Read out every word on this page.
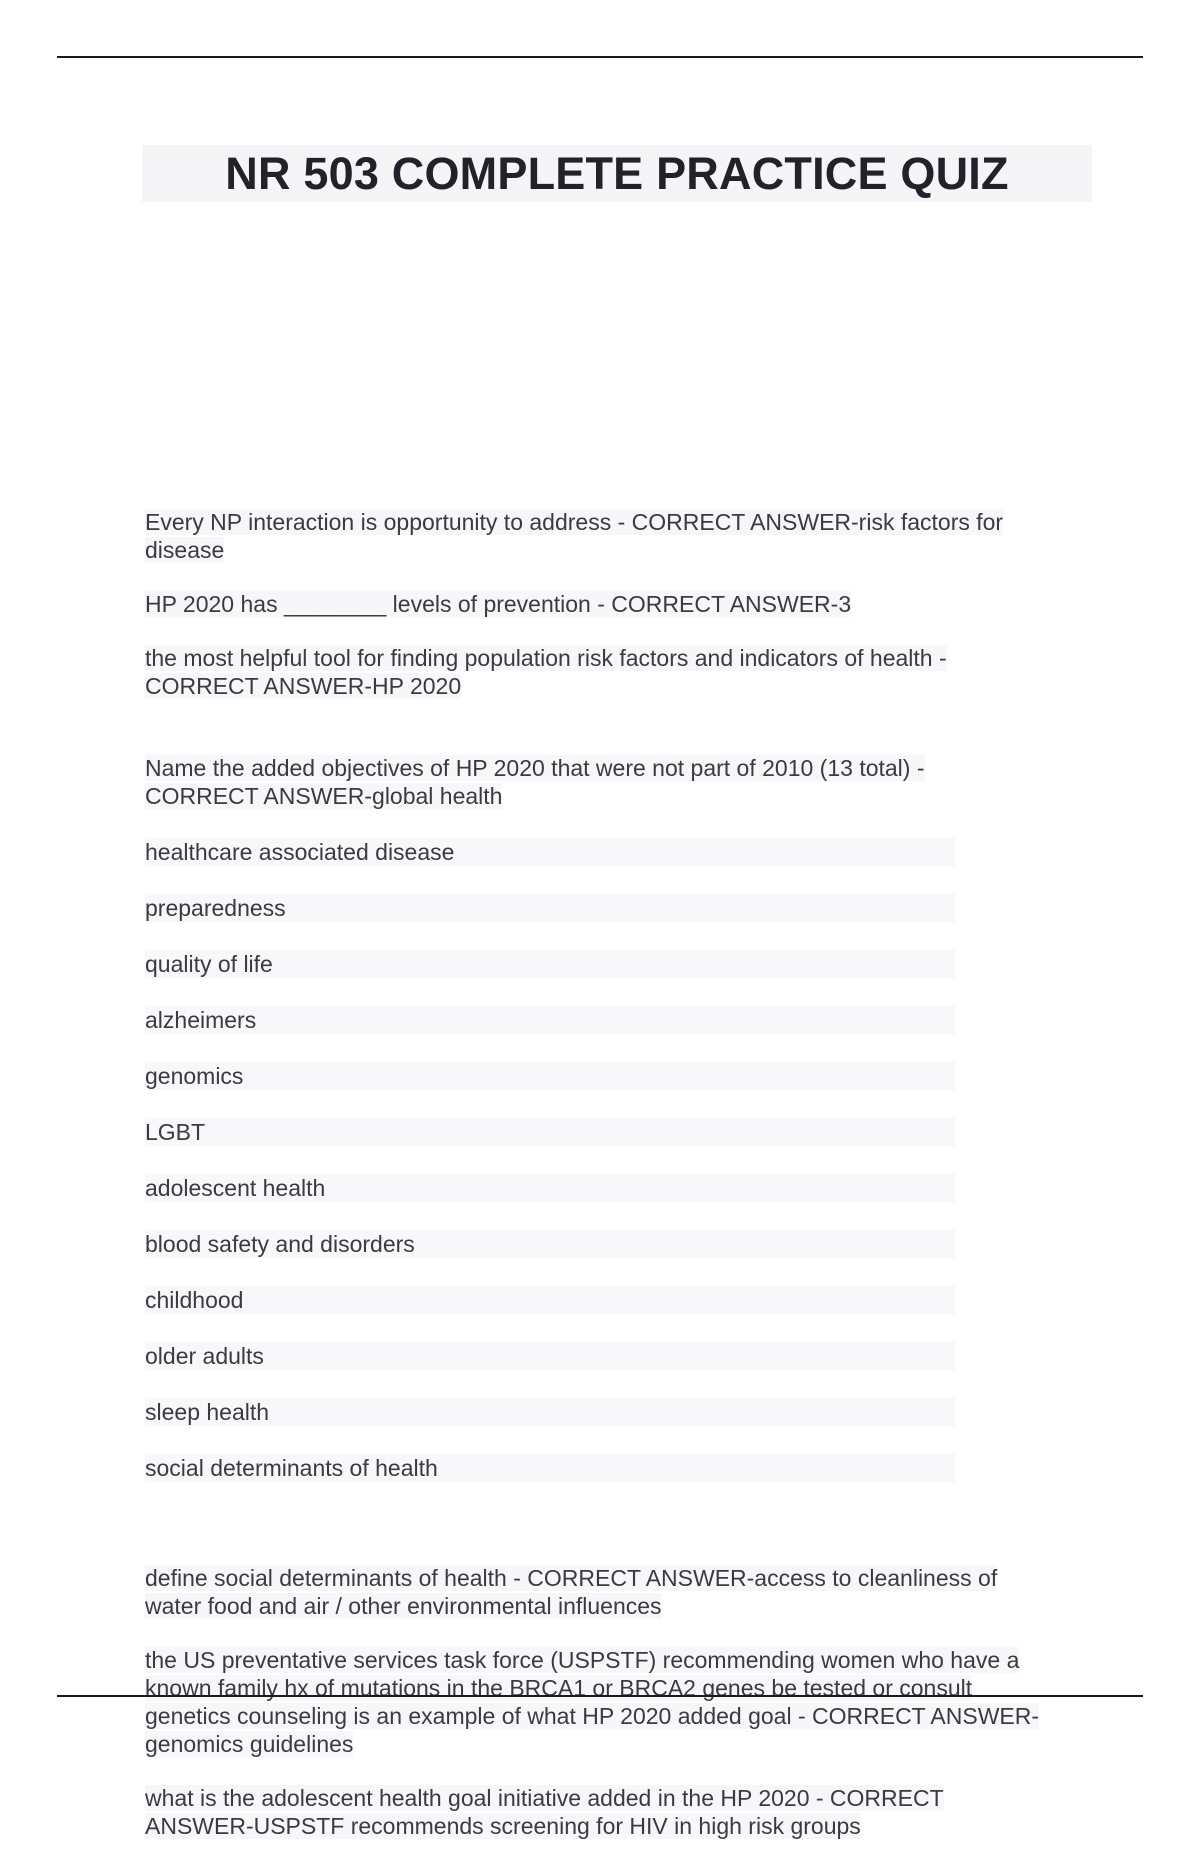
NR 503 COMPLETE PRACTICE QUIZ

Every NP interaction is opportunity to address - CORRECT ANSWER-risk factors for
disease

HP 2020 has ________ levels of prevention - CORRECT ANSWER-3

the most helpful tool for finding population risk factors and indicators of health -
CORRECT ANSWER-HP 2020

Name the added objectives of HP 2020 that were not part of 2010 (13 total) -
CORRECT ANSWER-global health

healthcare associated disease

preparedness

quality of life

alzheimers

genomics

LGBT

adolescent health

blood safety and disorders

childhood

older adults

sleep health

social determinants of health

define social determinants of health - CORRECT ANSWER-access to cleanliness of
water food and air / other environmental influences

the US preventative services task force (USPSTF) recommending women who have a
known family hx of mutations in the BRCA1 or BRCA2 genes be tested or consult
genetics counseling is an example of what HP 2020 added goal - CORRECT ANSWER-
genomics guidelines

what is the adolescent health goal initiative added in the HP 2020 - CORRECT
ANSWER-USPSTF recommends screening for HIV in high risk groups
